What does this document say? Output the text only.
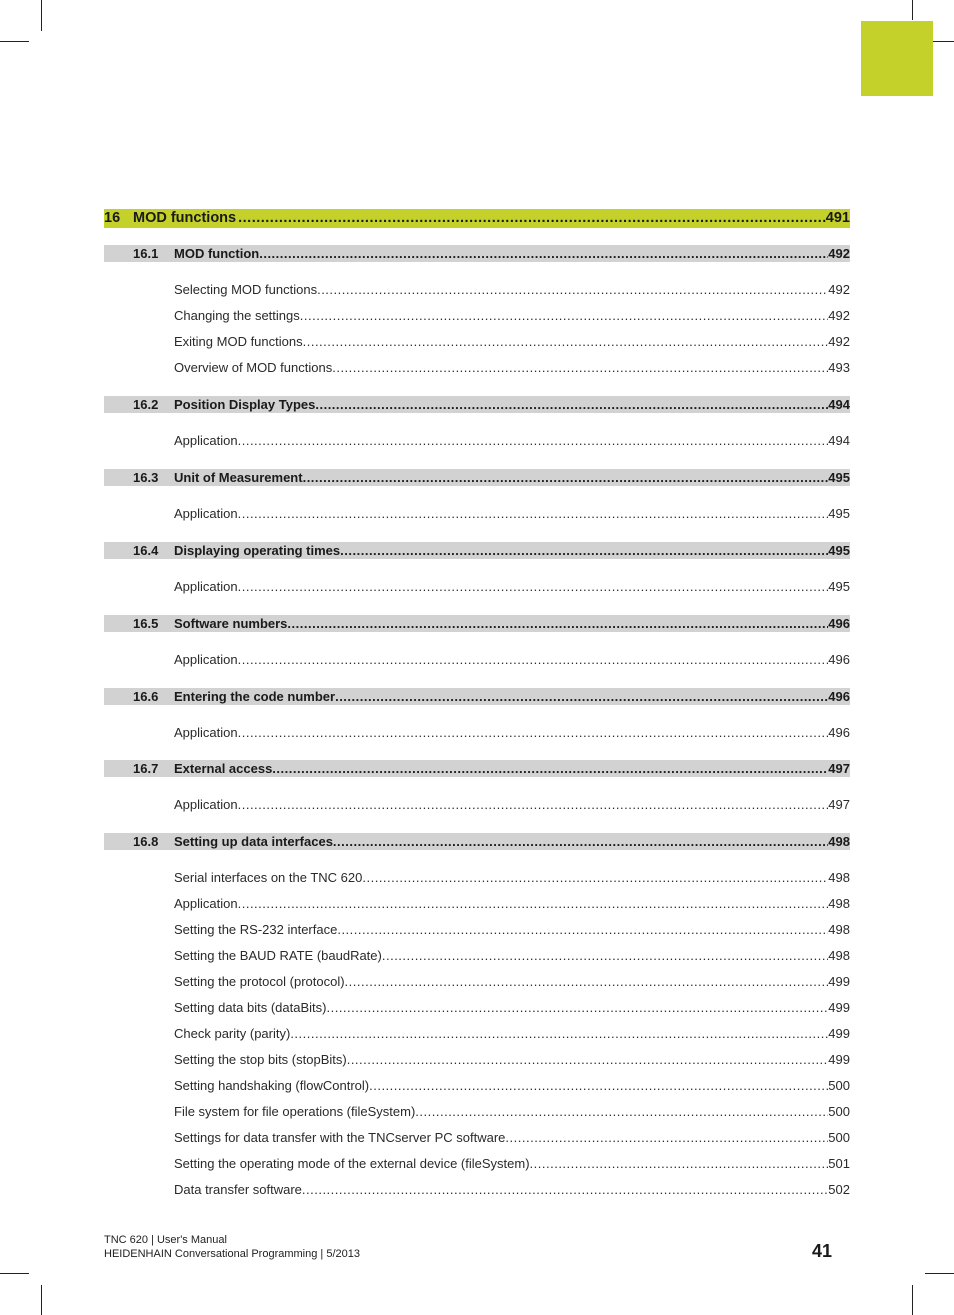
16 MOD functions .....	491
16.1	MOD function .....	492
Selecting MOD functions .....	492
Changing the settings .....	492
Exiting MOD functions .....	492
Overview of MOD functions .....	493
16.2	Position Display Types .....	494
Application .....	494
16.3	Unit of Measurement .....	495
Application .....	495
16.4	Displaying operating times .....	495
Application .....	495
16.5	Software numbers .....	496
Application .....	496
16.6	Entering the code number .....	496
Application .....	496
16.7	External access .....	497
Application .....	497
16.8	Setting up data interfaces .....	498
Serial interfaces on the TNC 620 .....	498
Application .....	498
Setting the RS-232 interface .....	498
Setting the BAUD RATE (baudRate) .....	498
Setting the protocol (protocol) .....	499
Setting data bits (dataBits) .....	499
Check parity (parity) .....	499
Setting the stop bits (stopBits) .....	499
Setting handshaking (flowControl) .....	500
File system for file operations (fileSystem) .....	500
Settings for data transfer with the TNCserver PC software .....	500
Setting the operating mode of the external device (fileSystem) .....	501
Data transfer software .....	502
TNC 620 | User's Manual
HEIDENHAIN Conversational Programming | 5/2013	41
